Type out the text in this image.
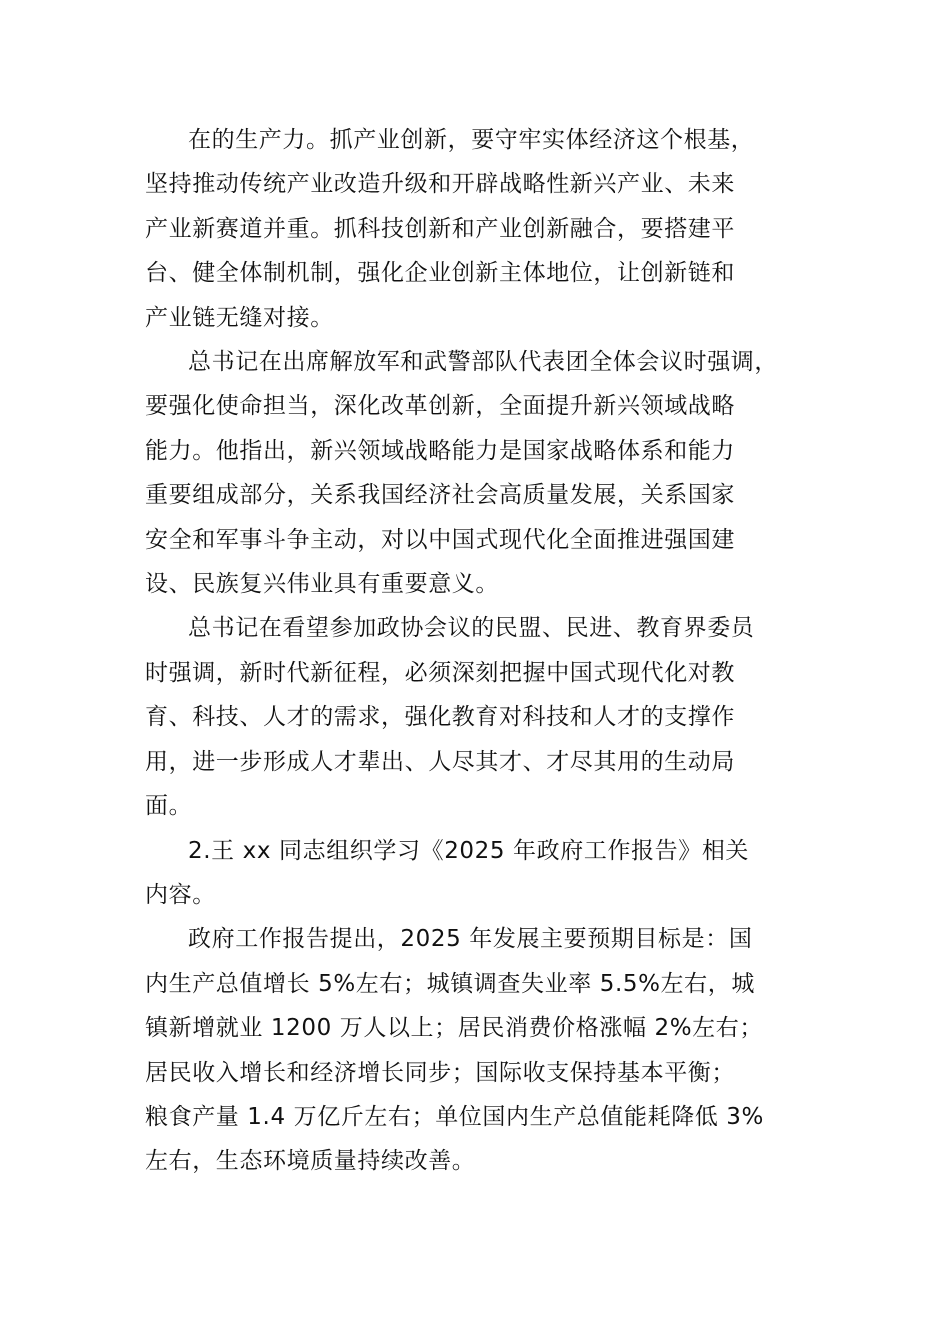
在的生产力。抓产业创新，要守牢实体经济这个根基，
坚持推动传统产业改造升级和开辟战略性新兴产业、未来
产业新赛道并重。抓科技创新和产业创新融合，要搭建平
台、健全体制机制，强化企业创新主体地位，让创新链和
产业链无缝对接。
总书记在出席解放军和武警部队代表团全体会议时强调，
要强化使命担当，深化改革创新，全面提升新兴领域战略
能力。他指出，新兴领域战略能力是国家战略体系和能力
重要组成部分，关系我国经济社会高质量发展，关系国家
安全和军事斗争主动，对以中国式现代化全面推进强国建
设、民族复兴伟业具有重要意义。
总书记在看望参加政协会议的民盟、民进、教育界委员
时强调，新时代新征程，必须深刻把握中国式现代化对教
育、科技、人才的需求，强化教育对科技和人才的支撑作
用，进一步形成人才辈出、人尽其才、才尽其用的生动局
面。
2.王 xx 同志组织学习《2025 年政府工作报告》相关
内容。
政府工作报告提出，2025 年发展主要预期目标是：国
内生产总值增长 5%左右；城镇调查失业率 5.5%左右，城
镇新增就业 1200 万人以上；居民消费价格涨幅 2%左右；
居民收入增长和经济增长同步；国际收支保持基本平衡；
粮食产量 1.4 万亿斤左右；单位国内生产总值能耗降低 3%
左右，生态环境质量持续改善。
